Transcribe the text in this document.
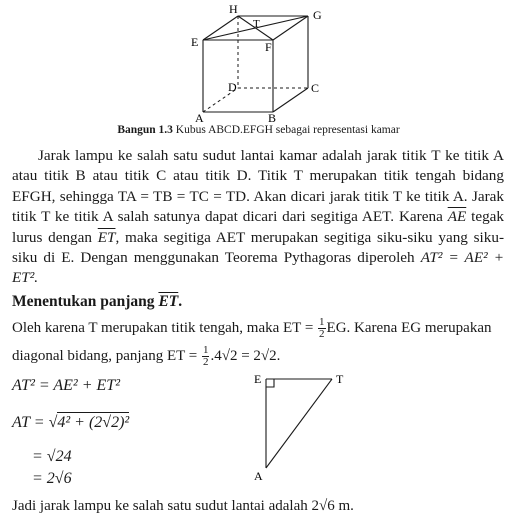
H	G
T
E	F
D	C
A	B
Bangun 1.3 Kubus ABCD.EFGH sebagai representasi kamar
Jarak lampu ke salah satu sudut lantai kamar adalah jarak titik T ke titik A atau titik B atau titik C atau titik D. Titik T merupakan titik tengah bidang EFGH, sehingga TA = TB = TC = TD. Akan dicari jarak titik T ke titik A. Jarak titik T ke titik A salah satunya dapat dicari dari segitiga AET. Karena $\overline{AE}$ tegak lurus dengan $\overline{ET}$, maka segitiga AET merupakan segitiga siku-siku yang siku-siku di E. Dengan menggunakan Teorema Pythagoras diperoleh AT² = AE² + ET².
Menentukan panjang $\overline{ET}$.
Oleh karena T merupakan titik tengah, maka ET = $\frac{1}{2}$ EG. Karena EG merupakan
diagonal bidang, panjang ET = $\frac{1}{2} .4√2 = 2√2$.
AT² = AE² + ET²
AT = √4² + (2√2)²
= √24
= 2√6
E	T
A
Jadi jarak lampu ke salah satu sudut lantai adalah 2√6 m.
